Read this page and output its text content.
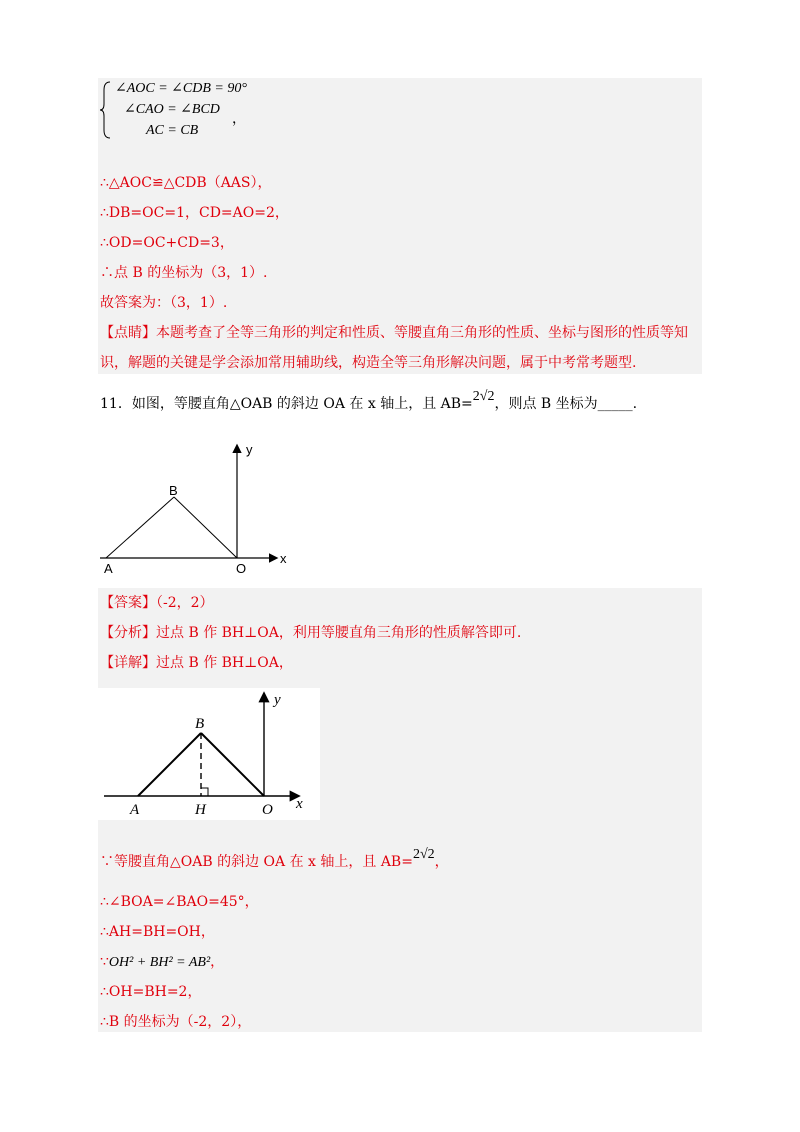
∠AOC = ∠CDB = 90°
∠CAO = ∠BCD
AC = CB
，
∴△AOC≌△CDB（AAS），
∴DB=OC=1，CD=AO=2，
∴OD=OC+CD=3，
∴点 B 的坐标为（3，1）.
故答案为：（3，1）.
【点睛】本题考查了全等三角形的判定和性质、等腰直角三角形的性质、坐标与图形的性质等知
识，解题的关键是学会添加常用辅助线，构造全等三角形解决问题，属于中考常考题型.
11．如图，等腰直角△OAB 的斜边 OA 在 x 轴上，且 AB=2√2，则点 B 坐标为_____.
y
x
B
A	O
【答案】（-2，2）
【分析】过点 B 作 BH⊥OA，利用等腰直角三角形的性质解答即可.
【详解】过点 B 作 BH⊥OA，
y
x
B
A	H	O
∵等腰直角△OAB 的斜边 OA 在 x 轴上，且 AB=2√2，
∴∠BOA=∠BAO=45°，
∴AH=BH=OH，
∵OH² + BH² = AB²，
∴OH=BH=2，
∴B 的坐标为（-2，2），
